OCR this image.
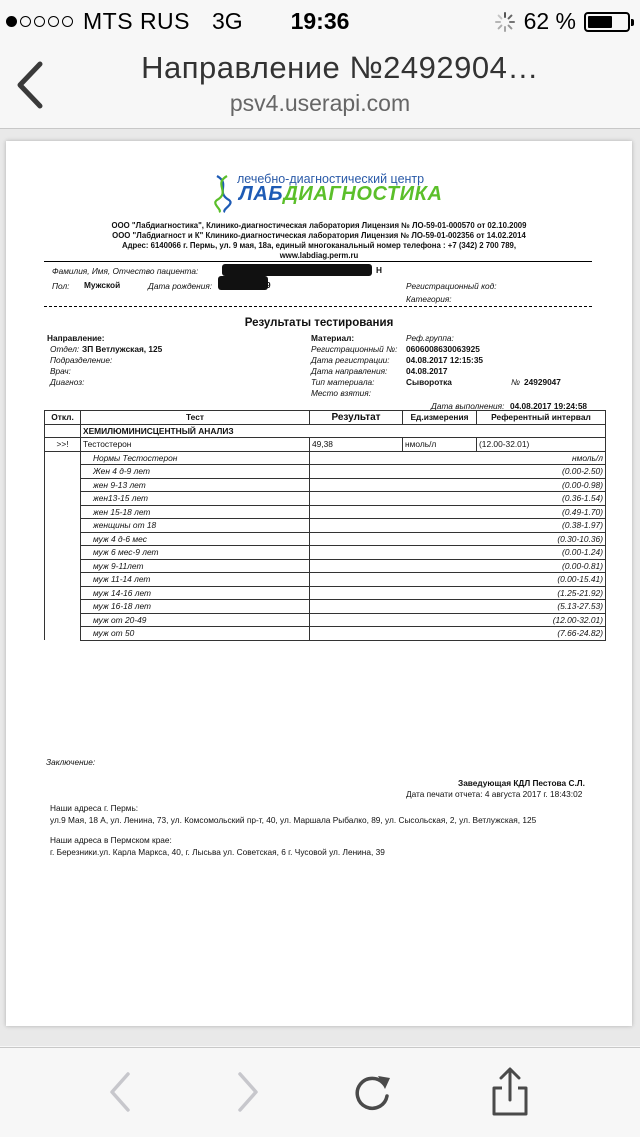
MTS RUS 3G	19:36	62 %
Направление №2492904…
psv4.userapi.com
лечебно-диагностический центр
ЛАБДИАГНОСТИКА
ООО "Лабдиагностика", Клинико-диагностическая лаборатория Лицензия № ЛО-59-01-000570 от 02.10.2009
ООО "Лабдиагност и К" Клинико-диагностическая лаборатория Лицензия № ЛО-59-01-002356 от 14.02.2014
Адрес: 6140066 г. Пермь, ул. 9 мая, 18а, единый многоканальный номер телефона : +7 (342) 2 700 789,
www.labdiag.perm.ru
Фамилия, Имя, Отчество пациента:	Н
Пол: Мужской	Дата рождения:	9	Регистрационный код:
Категория:
Результаты тестирования
Направление:
Отдел: ЗП Ветлужская, 125
Подразделение:
Врач:
Диагноз:
Материал:	Реф.группа:
Регистрационный №: 0606008630063925
Дата регистрации: 04.08.2017 12:15:35
Дата направления: 04.08.2017
Тип материала:	Сыворотка	№ 24929047
Место взятия:
Дата выполнения: 04.08.2017 19:24:58
Откл.	Тест	Результат	Ед.измерения	Референтный интервал
	ХЕМИЛЮМИНИСЦЕНТНЫЙ АНАЛИЗ			
>>!	Тестостерон	49,38	нмоль/л	(12.00-32.01)
	Нормы Тестостерон	нмоль/л		
	Жен 4 д-9 лет	(0.00-2.50)		
	жен 9-13 лет	(0.00-0.98)		
	жен13-15 лет	(0.36-1.54)		
	жен 15-18 лет	(0.49-1.70)		
	женщины от 18	(0.38-1.97)		
	муж 4 д-6 мес	(0.30-10.36)		
	муж 6 мес-9 лет	(0.00-1.24)		
	муж 9-11лет	(0.00-0.81)		
	муж 11-14 лет	(0.00-15.41)		
	муж 14-16 лет	(1.25-21.92)		
	муж 16-18 лет	(5.13-27.53)		
	муж от 20-49	(12.00-32.01)		
	муж от 50	(7.66-24.82)		
Заключение:
Заведующая КДЛ Пестова С.Л.
Дата печати отчета: 4 августа 2017 г. 18:43:02
Наши адреса г. Пермь:
ул.9 Мая, 18 А, ул. Ленина, 73, ул. Комсомольский пр-т, 40, ул. Маршала Рыбалко, 89, ул. Сысольская, 2, ул. Ветлужская, 125
Наши адреса в Пермском крае:
г. Березники.ул. Карла Маркса, 40, г. Лысьва ул. Советская, 6 г. Чусовой ул. Ленина, 39
